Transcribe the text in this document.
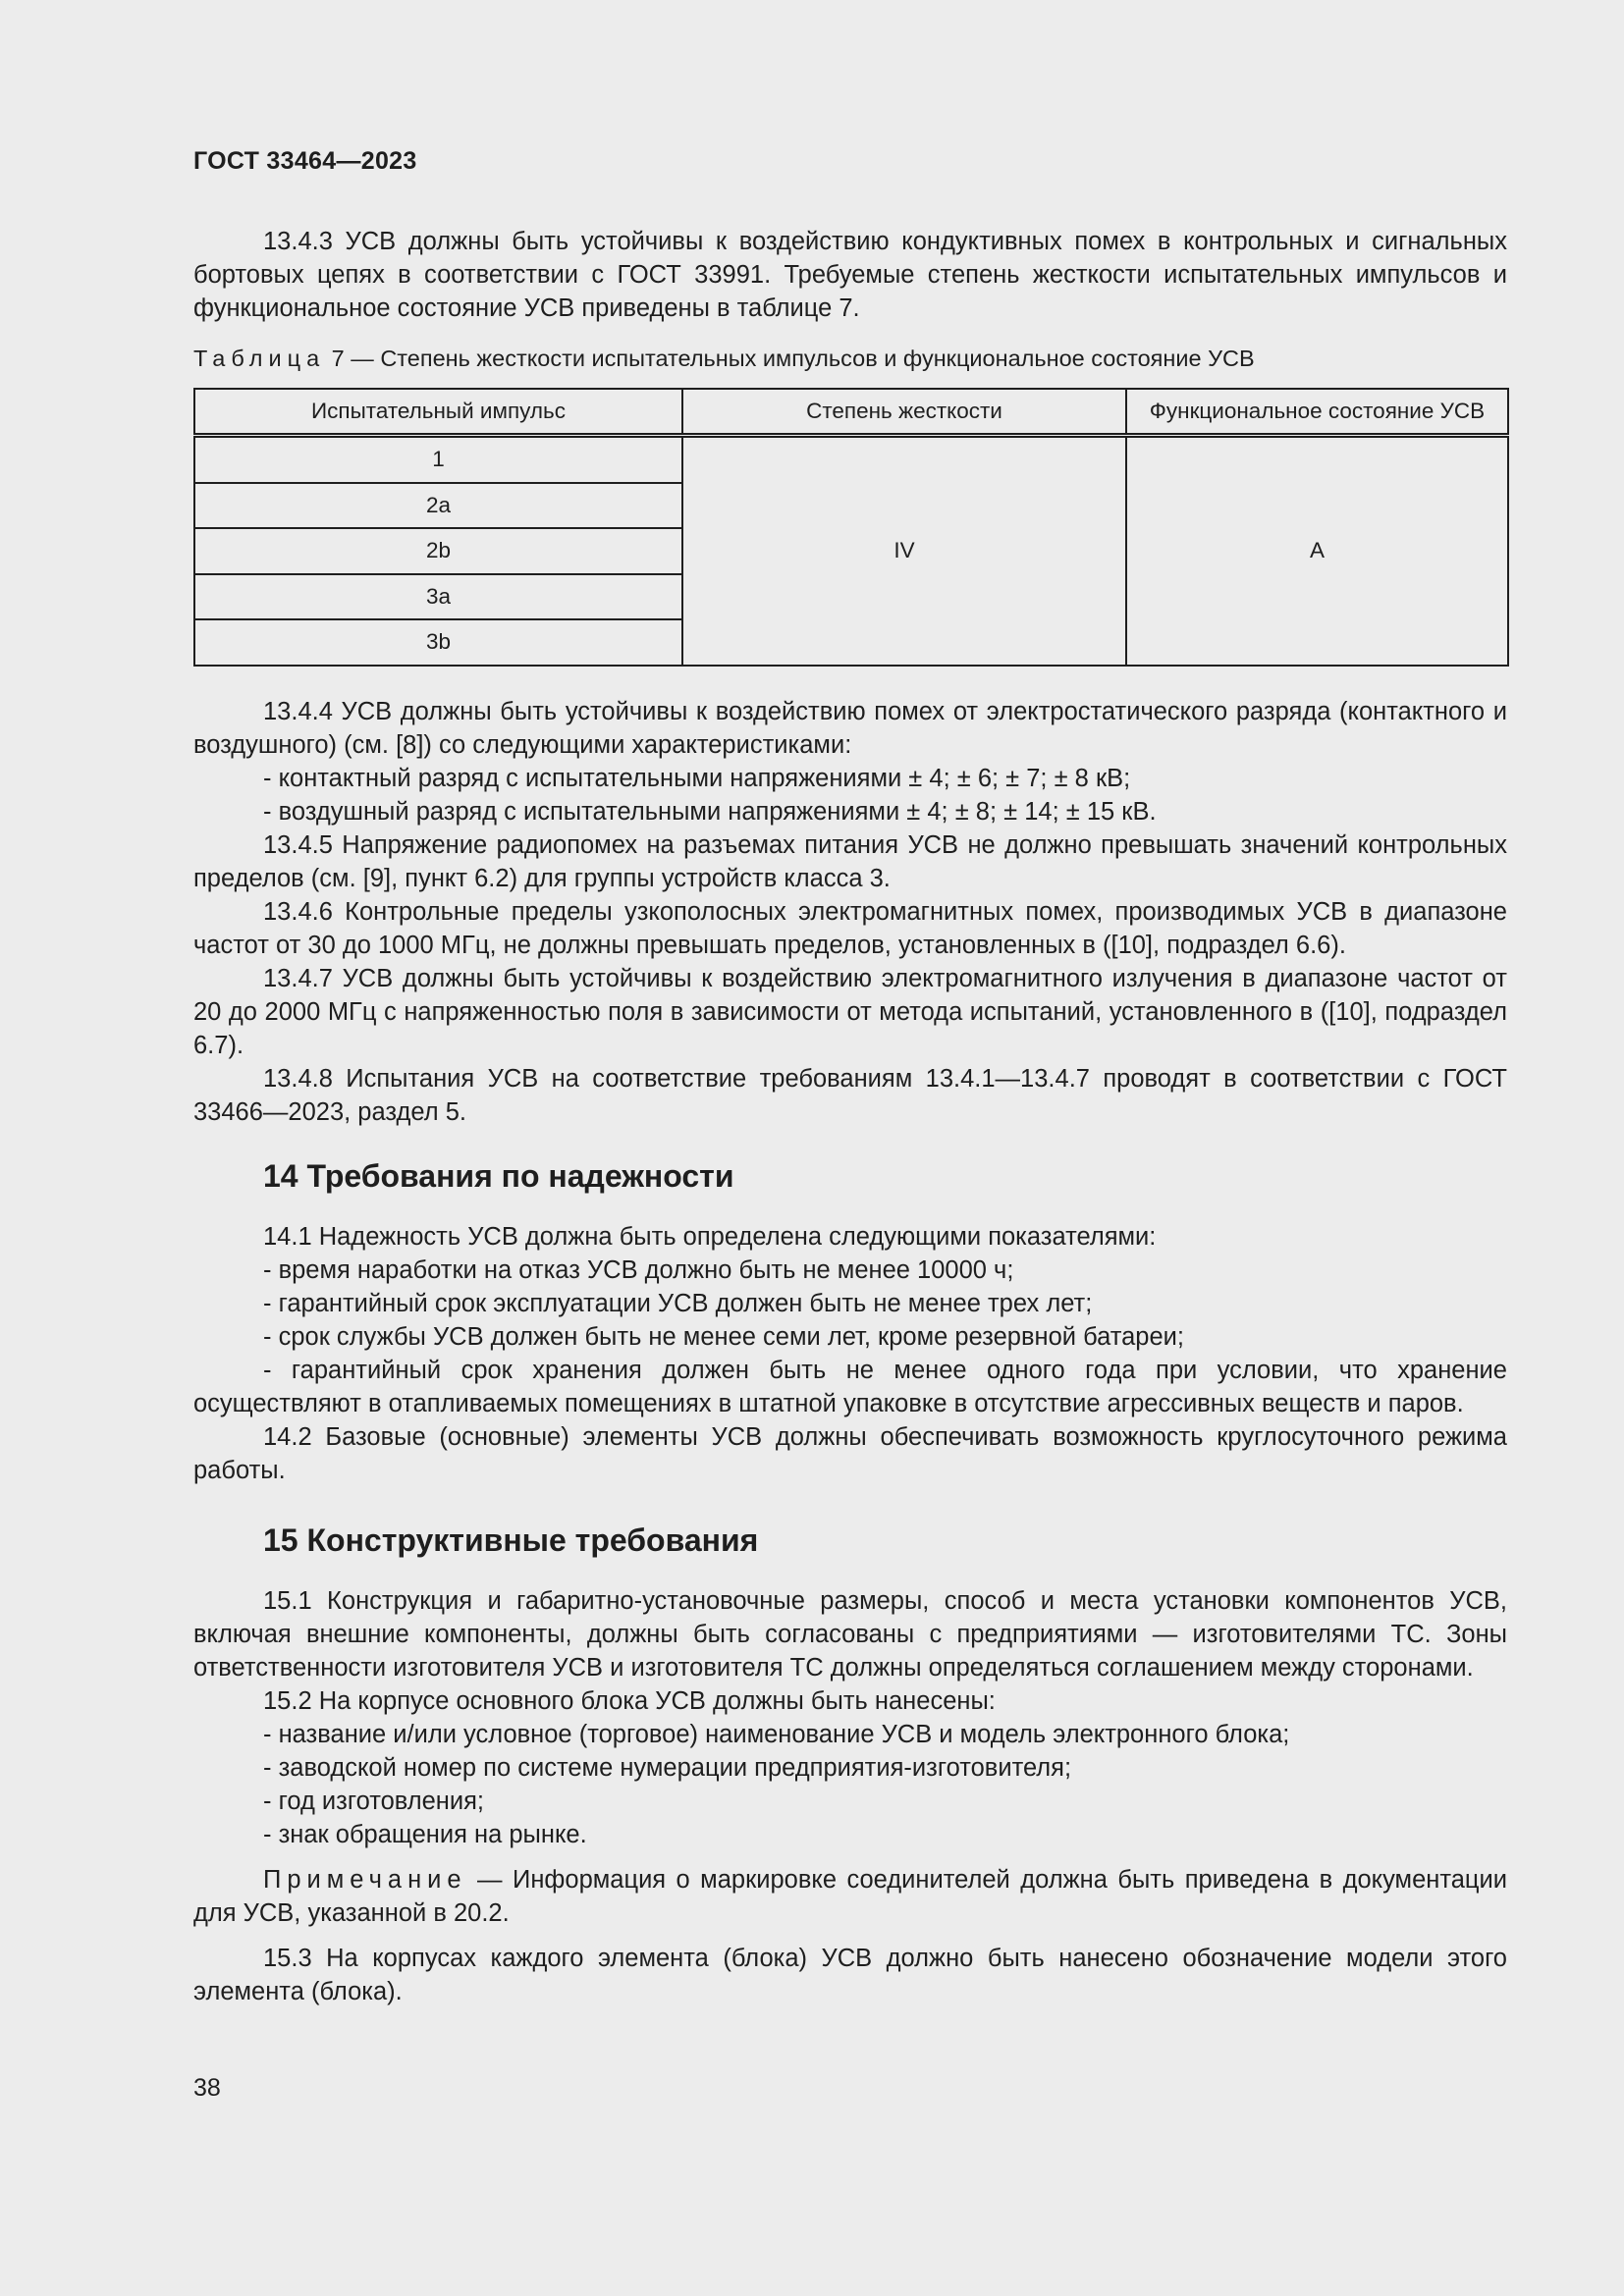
ГОСТ 33464—2023

13.4.3 УСВ должны быть устойчивы к воздействию кондуктивных помех в контрольных и сигнальных бортовых цепях в соответствии с ГОСТ 33991. Требуемые степень жесткости испытательных импульсов и функциональное состояние УСВ приведены в таблице 7.

Таблица 7 — Степень жесткости испытательных импульсов и функциональное состояние УСВ
Испытательный импульс	Степень жесткости	Функциональное состояние УСВ
1	IV	А
2a		
2b		
3a		
3b		

13.4.4 УСВ должны быть устойчивы к воздействию помех от электростатического разряда (контактного и воздушного) (см. [8]) со следующими характеристиками:

- контактный разряд с испытательными напряжениями ± 4; ± 6; ± 7; ± 8 кВ;

- воздушный разряд с испытательными напряжениями ± 4; ± 8; ± 14; ± 15 кВ.

13.4.5 Напряжение радиопомех на разъемах питания УСВ не должно превышать значений контрольных пределов (см. [9], пункт 6.2) для группы устройств класса 3.

13.4.6 Контрольные пределы узкополосных электромагнитных помех, производимых УСВ в диапазоне частот от 30 до 1000 МГц, не должны превышать пределов, установленных в ([10], подраздел 6.6).

13.4.7 УСВ должны быть устойчивы к воздействию электромагнитного излучения в диапазоне частот от 20 до 2000 МГц с напряженностью поля в зависимости от метода испытаний, установленного в ([10], подраздел 6.7).

13.4.8 Испытания УСВ на соответствие требованиям 13.4.1—13.4.7 проводят в соответствии с ГОСТ 33466—2023, раздел 5.

14 Требования по надежности

14.1 Надежность УСВ должна быть определена следующими показателями:

- время наработки на отказ УСВ должно быть не менее 10000 ч;

- гарантийный срок эксплуатации УСВ должен быть не менее трех лет;

- срок службы УСВ должен быть не менее семи лет, кроме резервной батареи;

- гарантийный срок хранения должен быть не менее одного года при условии, что хранение осуществляют в отапливаемых помещениях в штатной упаковке в отсутствие агрессивных веществ и паров.

14.2 Базовые (основные) элементы УСВ должны обеспечивать возможность круглосуточного режима работы.

15 Конструктивные требования

15.1 Конструкция и габаритно-установочные размеры, способ и места установки компонентов УСВ, включая внешние компоненты, должны быть согласованы с предприятиями — изготовителями ТС. Зоны ответственности изготовителя УСВ и изготовителя ТС должны определяться соглашением между сторонами.

15.2 На корпусе основного блока УСВ должны быть нанесены:

- название и/или условное (торговое) наименование УСВ и модель электронного блока;

- заводской номер по системе нумерации предприятия-изготовителя;

- год изготовления;

- знак обращения на рынке.

Примечание — Информация о маркировке соединителей должна быть приведена в документации для УСВ, указанной в 20.2.

15.3 На корпусах каждого элемента (блока) УСВ должно быть нанесено обозначение модели этого элемента (блока).

38
